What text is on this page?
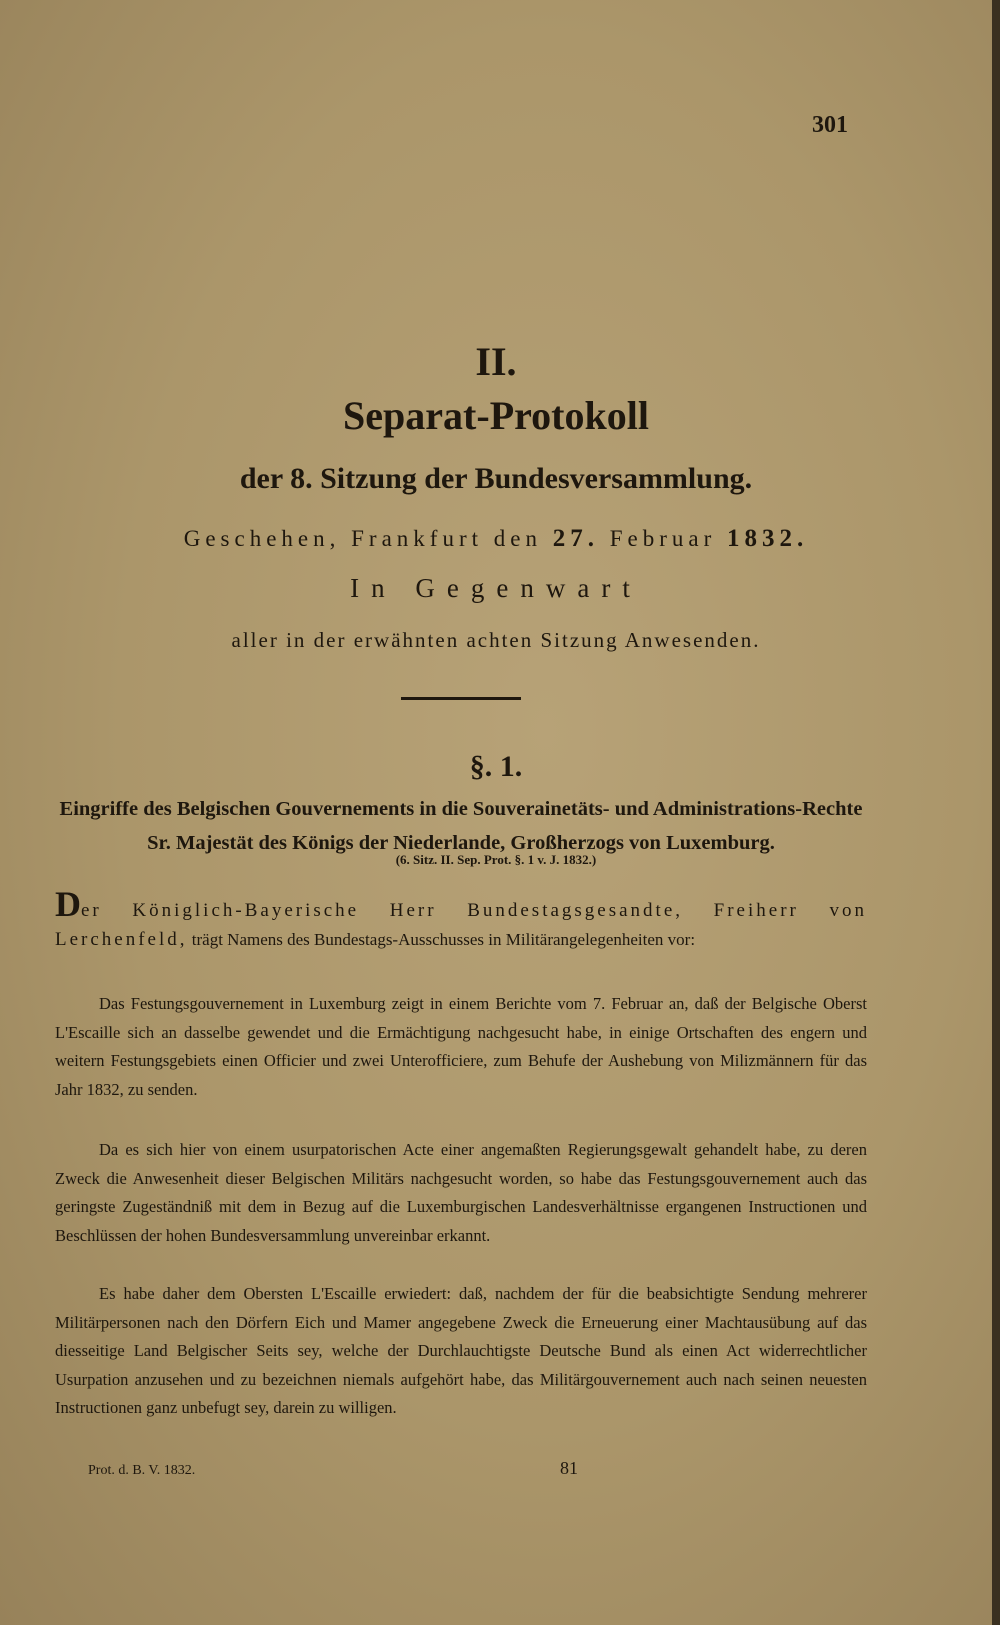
301
II.
Separat-Protokoll
der 8. Sitzung der Bundesversammlung.
Geschehen, Frankfurt den 27. Februar 1832.
In Gegenwart
aller in der erwähnten achten Sitzung Anwesenden.
§. 1.
Eingriffe des Belgischen Gouvernements in die Souverainetäts- und Administrations-Rechte Sr. Majestät des Königs der Niederlande, Großherzogs von Luxemburg.
(6. Sitz. II. Sep. Prot. §. 1 v. J. 1832.)
Der Königlich-Bayerische Herr Bundestagsgesandte, Freiherr von Lerchenfeld, trägt Namens des Bundestags-Ausschusses in Militärangelegenheiten vor:
Das Festungsgouvernement in Luxemburg zeigt in einem Berichte vom 7. Februar an, daß der Belgische Oberst L'Escaille sich an dasselbe gewendet und die Ermächtigung nachgesucht habe, in einige Ortschaften des engern und weitern Festungsgebiets einen Officier und zwei Unterofficiere, zum Behufe der Aushebung von Milizmännern für das Jahr 1832, zu senden.
Da es sich hier von einem usurpatorischen Acte einer angemaßten Regierungsgewalt gehandelt habe, zu deren Zweck die Anwesenheit dieser Belgischen Militärs nachgesucht worden, so habe das Festungsgouvernement auch das geringste Zugeständniß mit dem in Bezug auf die Luxemburgischen Landesverhältnisse ergangenen Instructionen und Beschlüssen der hohen Bundesversammlung unvereinbar erkannt.
Es habe daher dem Obersten L'Escaille erwiedert: daß, nachdem der für die beabsichtigte Sendung mehrerer Militärpersonen nach den Dörfern Eich und Mamer angegebene Zweck die Erneuerung einer Machtausübung auf das diesseitige Land Belgischer Seits sey, welche der Durchlauchtigste Deutsche Bund als einen Act widerrechtlicher Usurpation anzusehen und zu bezeichnen niemals aufgehört habe, das Militärgouvernement auch nach seinen neuesten Instructionen ganz unbefugt sey, darein zu willigen.
Prot. d. B. V. 1832.	81
